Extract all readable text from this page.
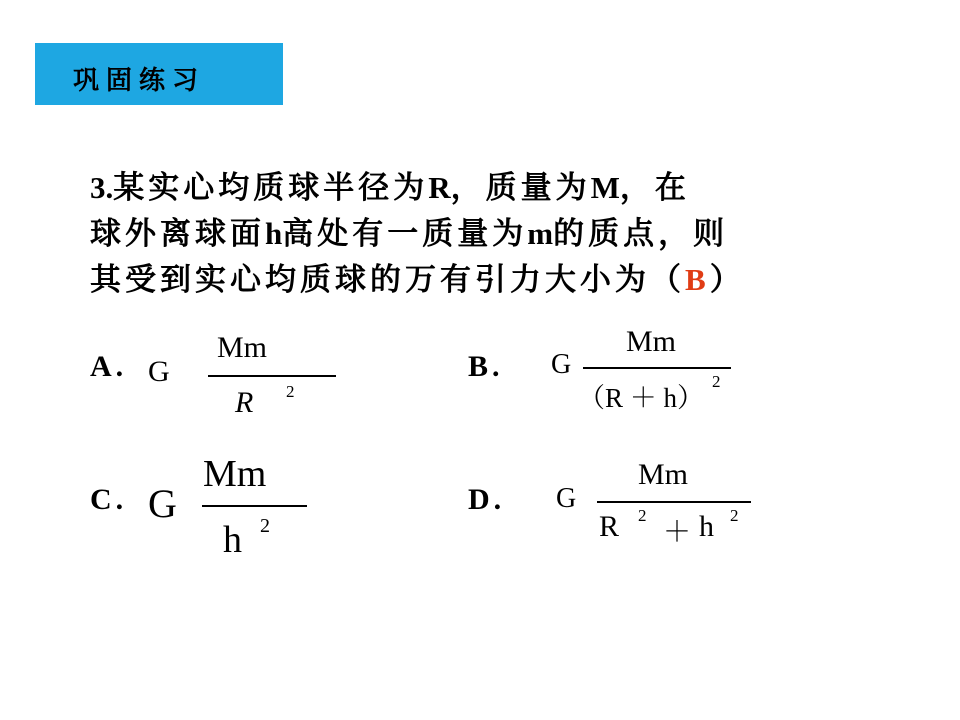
巩固练习
3.某实心均质球半径为R，质量为M，在
球外离球面h高处有一质量为m的质点，则
其受到实心均质球的万有引力大小为（B）
A. G
Mm
R 2
B. G
Mm
（R ＋ h）
2
C. G
Mm
h 2
D. G
Mm
R 2
＋ h 2
